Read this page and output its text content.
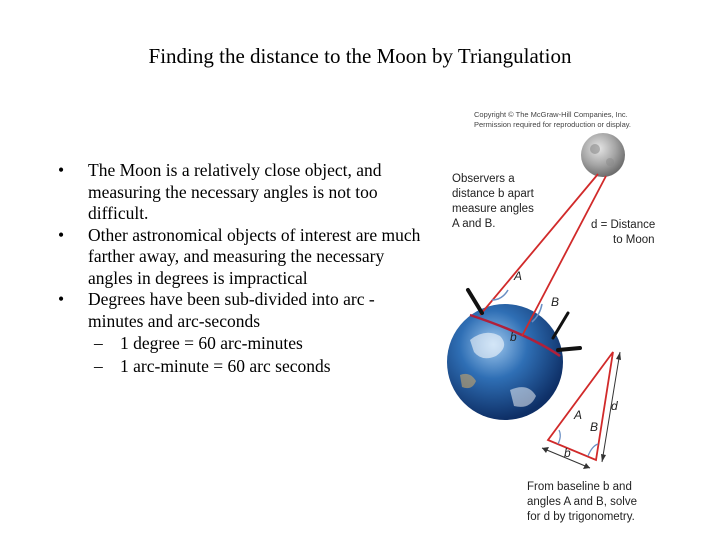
Finding the distance to the Moon by Triangulation
• The Moon is a relatively close object, and measuring the necessary angles is not too difficult.
• Other astronomical objects of interest are much farther away, and measuring the necessary angles in degrees is impractical
• Degrees have been sub-divided into arc -minutes and arc-seconds
– 1 degree = 60 arc-minutes
– 1 arc-minute = 60 arc seconds
Copyright © The McGraw-Hill Companies, Inc.
Permission required for reproduction or display.
Observers a
distance b apart
measure angles
A and B.	d = Distance
to Moon
A
B
b
A
B
d
b
From baseline b and
angles A and B, solve
for d by trigonometry.
